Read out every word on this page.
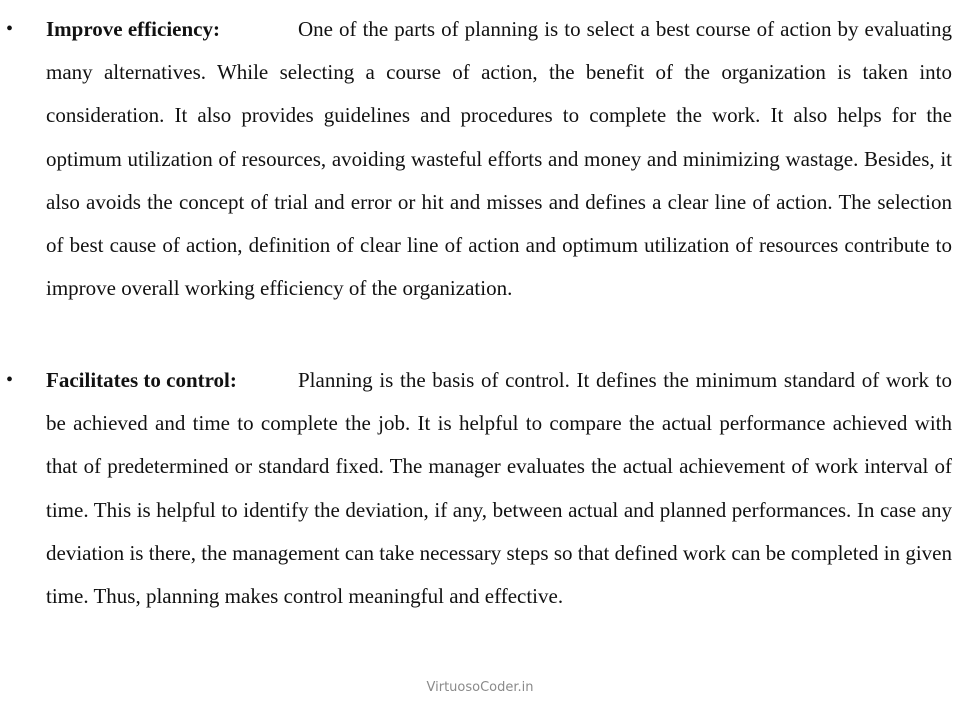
• Improve efficiency:	One of the parts of planning is to select a best course of action by evaluating many alternatives. While selecting a course of action, the benefit of the organization is taken into consideration. It also provides guidelines and procedures to complete the work. It also helps for the optimum utilization of resources, avoiding wasteful efforts and money and minimizing wastage. Besides, it also avoids the concept of trial and error or hit and misses and defines a clear line of action. The selection of best cause of action, definition of clear line of action and optimum utilization of resources contribute to improve overall working efficiency of the organization.
• Facilitates to control:	Planning is the basis of control. It defines the minimum standard of work to be achieved and time to complete the job. It is helpful to compare the actual performance achieved with that of predetermined or standard fixed. The manager evaluates the actual achievement of work interval of time. This is helpful to identify the deviation, if any, between actual and planned performances. In case any deviation is there, the management can take necessary steps so that defined work can be completed in given time. Thus, planning makes control meaningful and effective.
VirtuosoCoder.in
